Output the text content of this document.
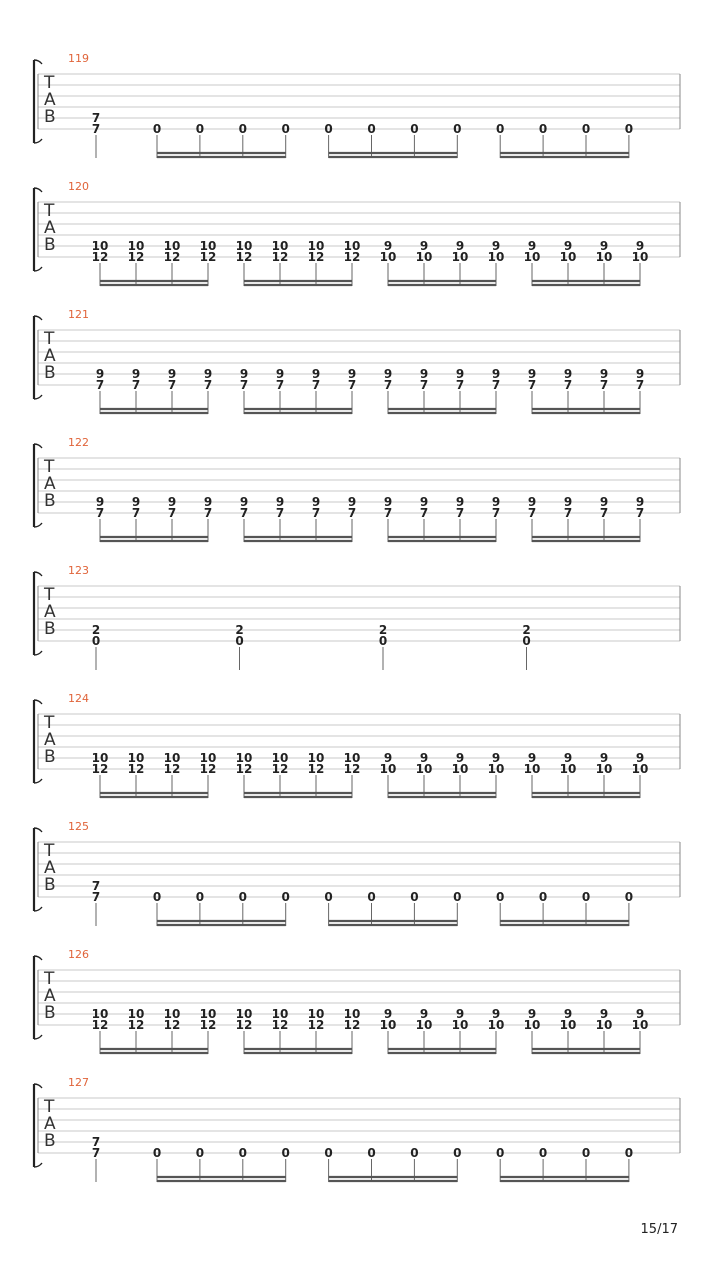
119
T
A
B	7
7	0	0	0	0	0	0	0	0	0	0	0	0
120
T
A
B	10
12
10
12
10
12
10
12
10
12
10
12
10
12
10
12
9
10
9
10
9
10
9
10
9
10
9
10
9
10
9
10
121
T
A
B	9
7
9
7
9
7
9
7
9
7
9
7
9
7
9
7
9
7
9
7
9
7
9
7
9
7
9
7
9
7
9
7
122
T
A
B	9
7
9
7
9
7
9
7
9
7
9
7
9
7
9
7
9
7
9
7
9
7
9
7
9
7
9
7
9
7
9
7
123
T
A
B	2
0
2
0
2
0
2
0
124
T
A
B	10
12
10
12
10
12
10
12
10
12
10
12
10
12
10
12
9
10
9
10
9
10
9
10
9
10
9
10
9
10
9
10
125
T
A
B	7
7	0	0	0	0	0	0	0	0	0	0	0	0
126
T
A
B	10
12
10
12
10
12
10
12
10
12
10
12
10
12
10
12
9
10
9
10
9
10
9
10
9
10
9
10
9
10
9
10
127
T
A
B	7
7	0	0	0	0	0	0	0	0	0	0	0	0
15/17
